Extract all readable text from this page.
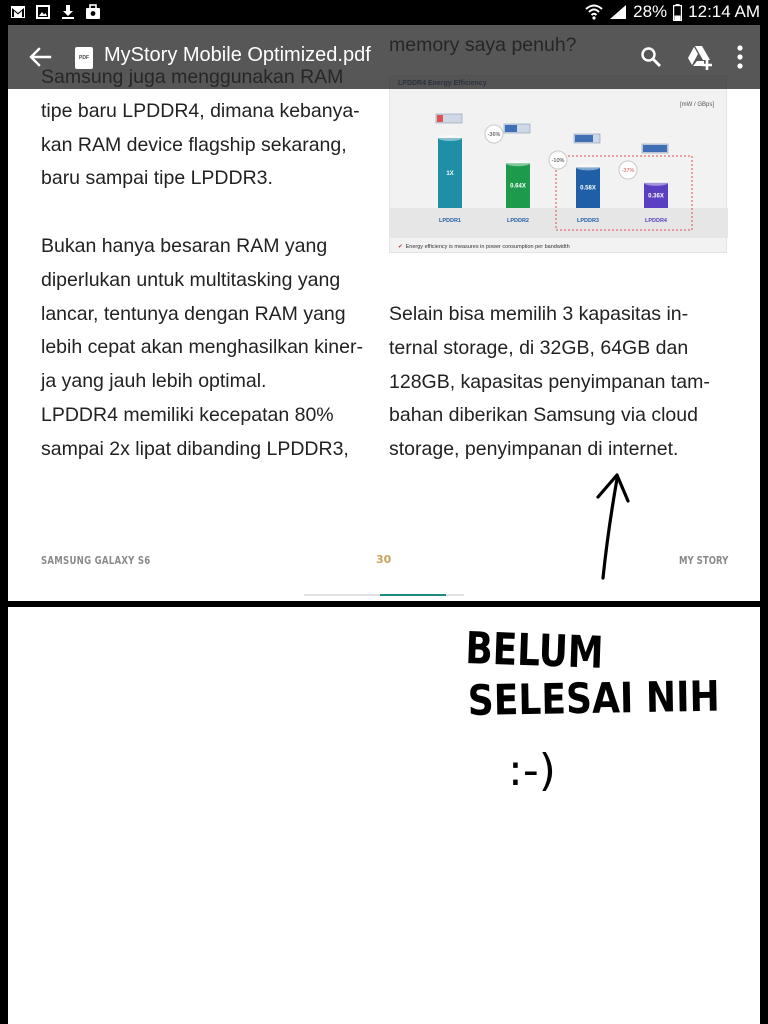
28% 12:14 AM
tipe baru LPDDR4, dimana kebanya-
kan RAM device flagship sekarang,
baru sampai tipe LPDDR3.
Bukan hanya besaran RAM yang
diperlukan untuk multitasking yang
lancar, tentunya dengan RAM yang
lebih cepat akan menghasilkan kiner-
ja yang jauh lebih optimal.
LPDDR4 memiliki kecepatan 80%
sampai 2x lipat dibanding LPDDR3,
1X
LPDDR1
0.64X
LPDDR2
0.58X
LPDDR3
0.36X
LPDDR4
-36%
-10%
-37%
[mW / GBps]
✔ Energy efficiency is measures in power consumption per bandwidth
Selain bisa memilih 3 kapasitas in-
ternal storage, di 32GB, 64GB dan
128GB, kapasitas penyimpanan tam-
bahan diberikan Samsung via cloud
storage, penyimpanan di internet.
SAMSUNG GALAXY S6	30	MY STORY
PDF MyStory Mobile Optimized.pdf
BELUM
SELESAI NIH
:-)
